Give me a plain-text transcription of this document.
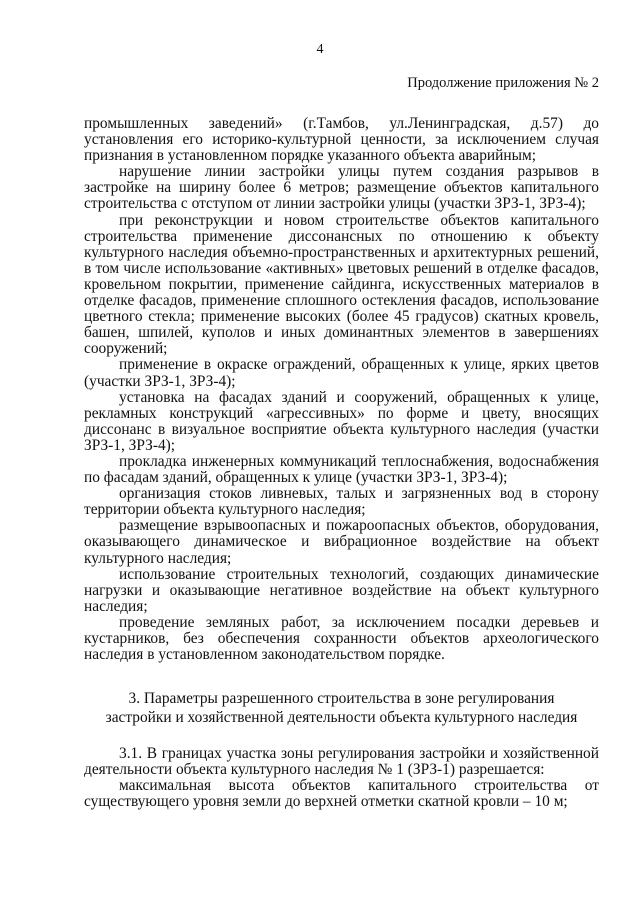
4
Продолжение приложения № 2

промышленных заведений» (г.Тамбов, ул.Ленинградская, д.57) до установления его историко-культурной ценности, за исключением случая признания в установленном порядке указанного объекта аварийным;

нарушение линии застройки улицы путем создания разрывов в застройке на ширину более 6 метров; размещение объектов капитального строительства с отступом от линии застройки улицы (участки ЗРЗ-1, ЗРЗ-4);

при реконструкции и новом строительстве объектов капитального строительства применение диссонансных по отношению к объекту культурного наследия объемно-пространственных и архитектурных решений, в том числе использование «активных» цветовых решений в отделке фасадов, кровельном покрытии, применение сайдинга, искусственных материалов в отделке фасадов, применение сплошного остекления фасадов, использование цветного стекла; применение высоких (более 45 градусов) скатных кровель, башен, шпилей, куполов и иных доминантных элементов в завершениях сооружений;

применение в окраске ограждений, обращенных к улице, ярких цветов (участки ЗРЗ-1, ЗРЗ-4);

установка на фасадах зданий и сооружений, обращенных к улице, рекламных конструкций «агрессивных» по форме и цвету, вносящих диссонанс в визуальное восприятие объекта культурного наследия (участки ЗРЗ-1, ЗРЗ-4);

прокладка инженерных коммуникаций теплоснабжения, водоснабжения по фасадам зданий, обращенных к улице (участки ЗРЗ-1, ЗРЗ-4);

организация стоков ливневых, талых и загрязненных вод в сторону территории объекта культурного наследия;

размещение взрывоопасных и пожароопасных объектов, оборудования, оказывающего динамическое и вибрационное воздействие на объект культурного наследия;

использование строительных технологий, создающих динамические нагрузки и оказывающие негативное воздействие на объект культурного наследия;

проведение земляных работ, за исключением посадки деревьев и кустарников, без обеспечения сохранности объектов археологического наследия в установленном законодательством порядке.

3. Параметры разрешенного строительства в зоне регулирования
застройки и хозяйственной деятельности объекта культурного наследия

3.1. В границах участка зоны регулирования застройки и хозяйственной деятельности объекта культурного наследия № 1 (ЗРЗ-1) разрешается:

максимальная высота объектов капитального строительства от существующего уровня земли до верхней отметки скатной кровли – 10 м;
